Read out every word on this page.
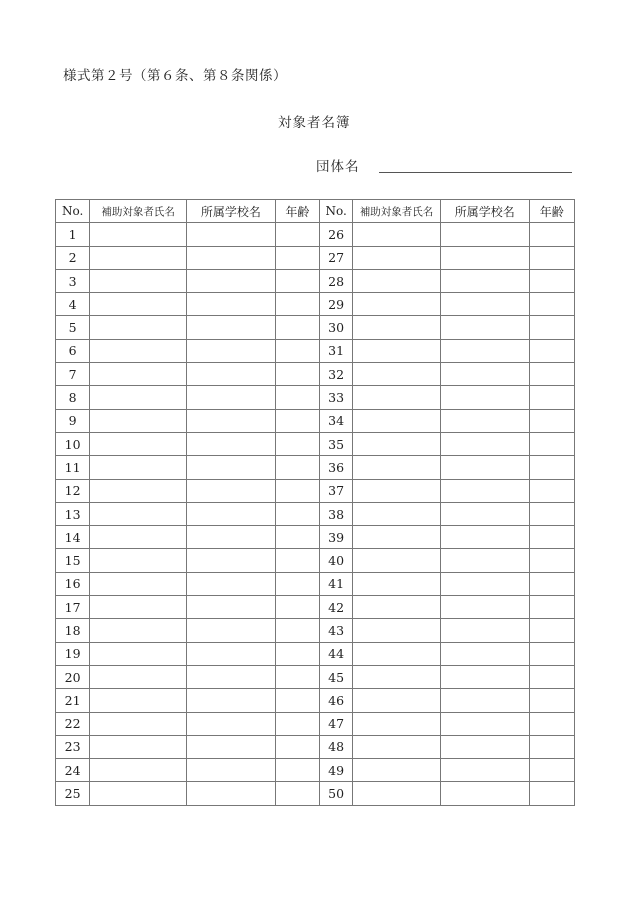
様式第２号（第６条、第８条関係）
対象者名簿
団体名
No.	補助対象者氏名	所属学校名	年齢	No.	補助対象者氏名	所属学校名	年齢
1				26			
2				27			
3				28			
4				29			
5				30			
6				31			
7				32			
8				33			
9				34			
10				35			
11				36			
12				37			
13				38			
14				39			
15				40			
16				41			
17				42			
18				43			
19				44			
20				45			
21				46			
22				47			
23				48			
24				49			
25				50			
